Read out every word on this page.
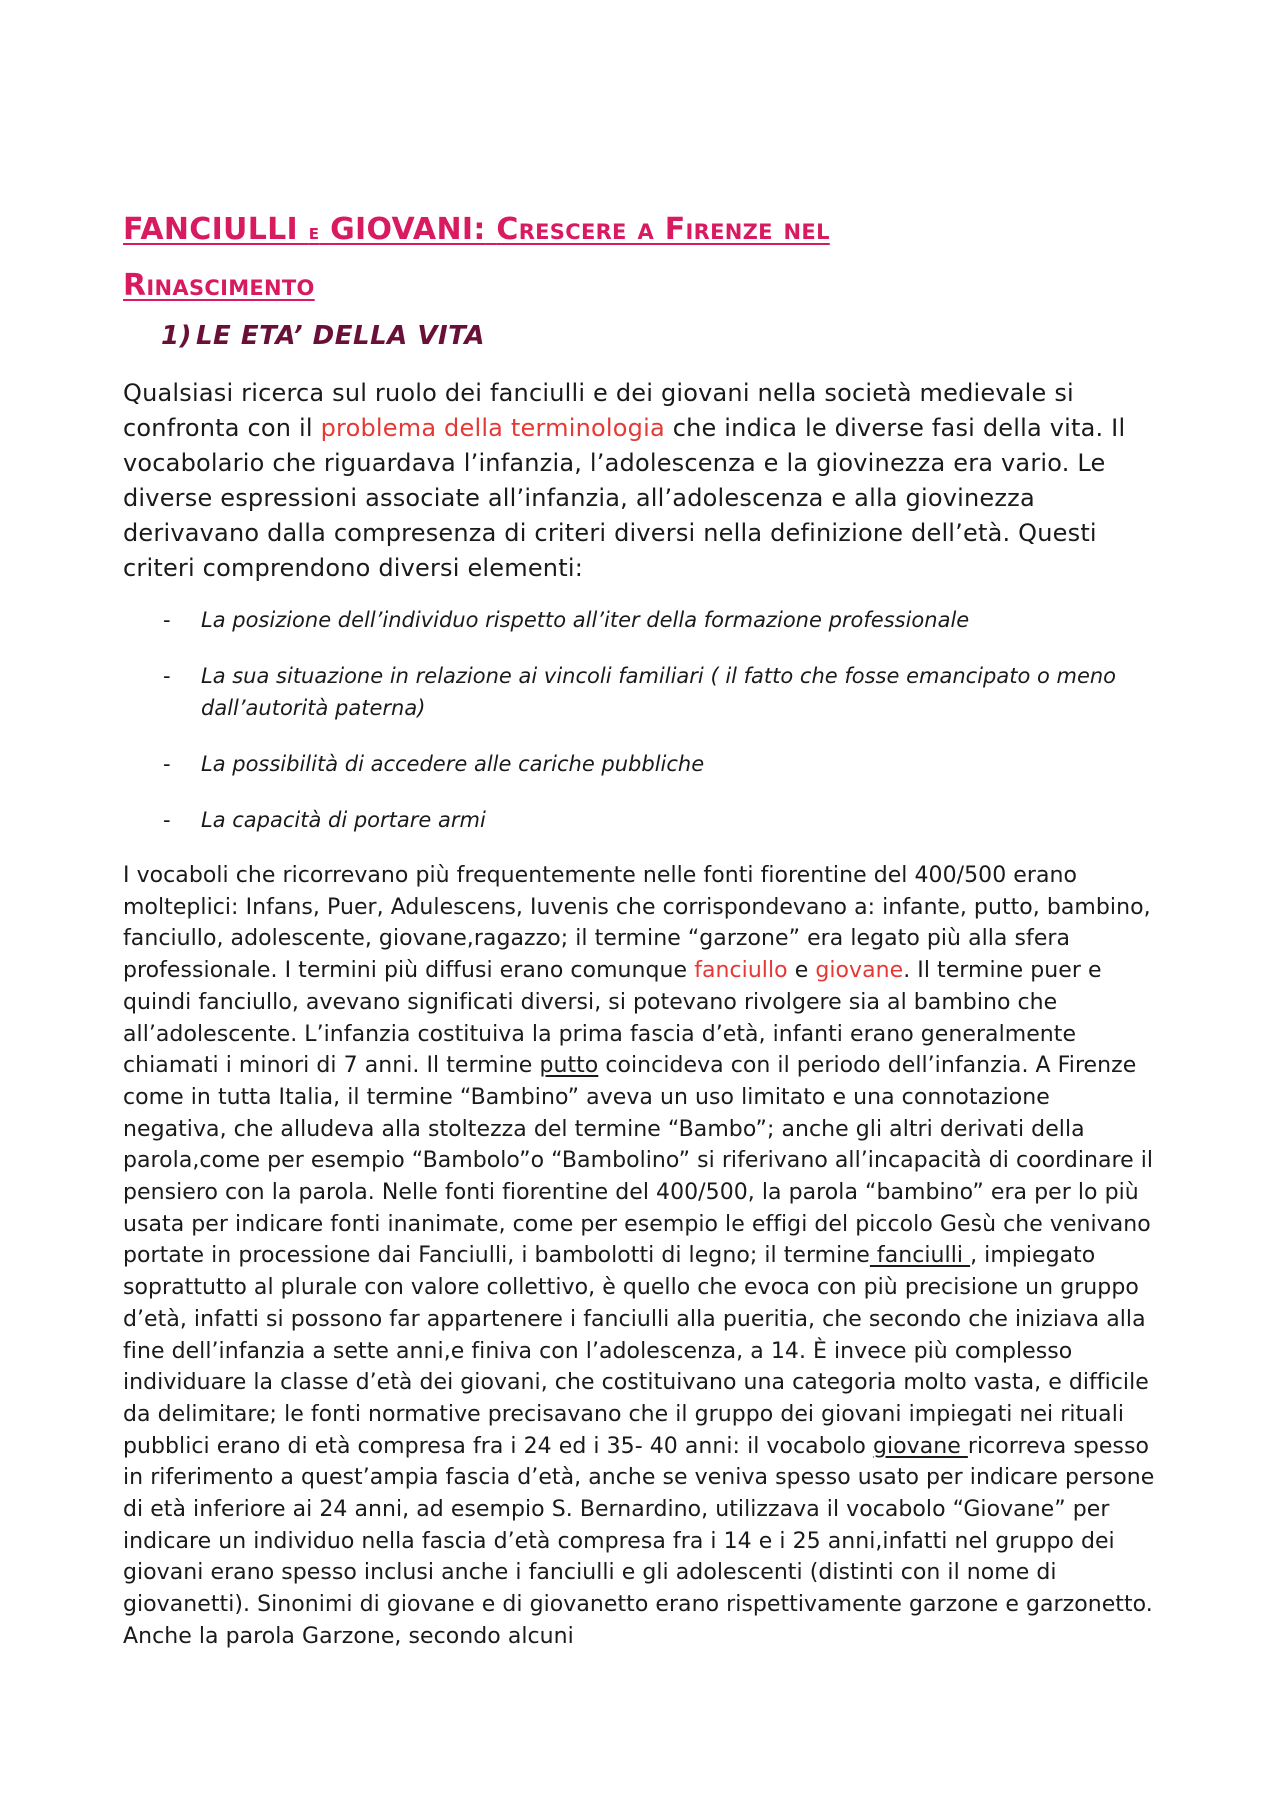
FANCIULLI e GIOVANI: Crescere a Firenze nel
Rinascimento
1) LE ETA’ DELLA VITA

Qualsiasi ricerca sul ruolo dei fanciulli e dei giovani nella società medievale si confronta con il problema della terminologia che indica le diverse fasi della vita. Il vocabolario che riguardava l’infanzia, l’adolescenza e la giovinezza era vario. Le diverse espressioni associate all’infanzia, all’adolescenza e alla giovinezza derivavano dalla compresenza di criteri diversi nella definizione dell’età. Questi criteri comprendono diversi elementi:

- La posizione dell’individuo rispetto all’iter della formazione professionale
- La sua situazione in relazione ai vincoli familiari ( il fatto che fosse emancipato o meno dall’autorità paterna)
- La possibilità di accedere alle cariche pubbliche
- La capacità di portare armi

I vocaboli che ricorrevano più frequentemente nelle fonti fiorentine del 400/500 erano molteplici: Infans, Puer, Adulescens, Iuvenis che corrispondevano a: infante, putto, bambino, fanciullo, adolescente, giovane,ragazzo; il termine “garzone” era legato più alla sfera professionale. I termini più diffusi erano comunque fanciullo e giovane. Il termine puer e quindi fanciullo, avevano significati diversi, si potevano rivolgere sia al bambino che all’adolescente. L’infanzia costituiva la prima fascia d’età, infanti erano generalmente chiamati i minori di 7 anni. Il termine putto coincideva con il periodo dell’infanzia. A Firenze come in tutta Italia, il termine “Bambino” aveva un uso limitato e una connotazione negativa, che alludeva alla stoltezza del termine “Bambo”; anche gli altri derivati della parola,come per esempio “Bambolo”o “Bambolino” si riferivano all’incapacità di coordinare il pensiero con la parola. Nelle fonti fiorentine del 400/500, la parola “bambino” era per lo più usata per indicare fonti inanimate, come per esempio le effigi del piccolo Gesù che venivano portate in processione dai Fanciulli, i bambolotti di legno; il termine fanciulli , impiegato soprattutto al plurale con valore collettivo, è quello che evoca con più precisione un gruppo d’età, infatti si possono far appartenere i fanciulli alla pueritia, che secondo che iniziava alla fine dell’infanzia a sette anni,e finiva con l’adolescenza, a 14. È invece più complesso individuare la classe d’età dei giovani, che costituivano una categoria molto vasta, e difficile da delimitare; le fonti normative precisavano che il gruppo dei giovani impiegati nei rituali pubblici erano di età compresa fra i 24 ed i 35- 40 anni: il vocabolo giovane ricorreva spesso in riferimento a quest’ampia fascia d’età, anche se veniva spesso usato per indicare persone di età inferiore ai 24 anni, ad esempio S. Bernardino, utilizzava il vocabolo “Giovane” per indicare un individuo nella fascia d’età compresa fra i 14 e i 25 anni,infatti nel gruppo dei giovani erano spesso inclusi anche i fanciulli e gli adolescenti (distinti con il nome di giovanetti). Sinonimi di giovane e di giovanetto erano rispettivamente garzone e garzonetto. Anche la parola Garzone, secondo alcuni
